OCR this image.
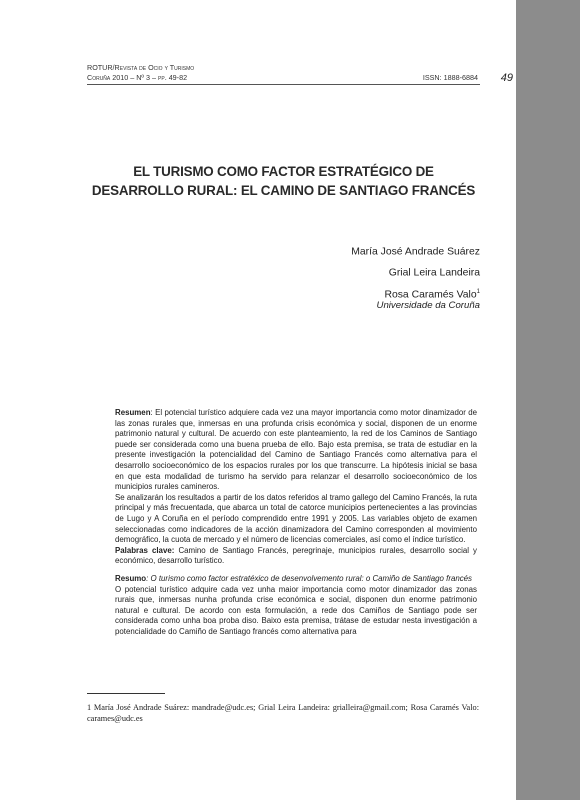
ROTUR/Revista de Ocio y Turismo
Coruña 2010 – Nº 3 – pp. 49-82	ISSN: 1888-6884	49
EL TURISMO COMO FACTOR ESTRATÉGICO DE
DESARROLLO RURAL: EL CAMINO DE SANTIAGO FRANCÉS
María José Andrade Suárez
Grial Leira Landeira
Rosa Caramés Valo$^1$
Universidade da Coruña

Resumen: El potencial turístico adquiere cada vez una mayor importancia como motor dinamizador de las zonas rurales que, inmersas en una profunda crisis económica y social, disponen de un enorme patrimonio natural y cultural. De acuerdo con este planteamiento, la red de los Caminos de Santiago puede ser considerada como una buena prueba de ello. Bajo esta premisa, se trata de estudiar en la presente investigación la potencialidad del Camino de Santiago Francés como alternativa para el desarrollo socioeconómico de los espacios rurales por los que transcurre. La hipótesis inicial se basa en que esta modalidad de turismo ha servido para relanzar el desarrollo socioeconómico de los municipios rurales camineros.

Se analizarán los resultados a partir de los datos referidos al tramo gallego del Camino Francés, la ruta principal y más frecuentada, que abarca un total de catorce municipios pertenecientes a las provincias de Lugo y A Coruña en el período comprendido entre 1991 y 2005. Las variables objeto de examen seleccionadas como indicadores de la acción dinamizadora del Camino corresponden al movimiento demográfico, la cuota de mercado y el número de licencias comerciales, así como el índice turístico.

Palabras clave: Camino de Santiago Francés, peregrinaje, municipios rurales, desarrollo social y económico, desarrollo turístico.

Resumo: O turismo como factor estratéxico de desenvolvemento rural: o Camiño de Santiago francés

O potencial turístico adquire cada vez unha maior importancia como motor dinamizador das zonas rurais que, inmersas nunha profunda crise económica e social, disponen dun enorme patrimonio natural e cultural. De acordo con esta formulación, a rede dos Camiños de Santiago pode ser considerada como unha boa proba diso. Baixo esta premisa, trátase de estudar nesta investigación a potencialidade do Camiño de Santiago francés como alternativa para

1 María José Andrade Suárez: mandrade@udc.es; Grial Leira Landeira: grialleira@gmail.com; Rosa Caramés Valo: carames@udc.es
